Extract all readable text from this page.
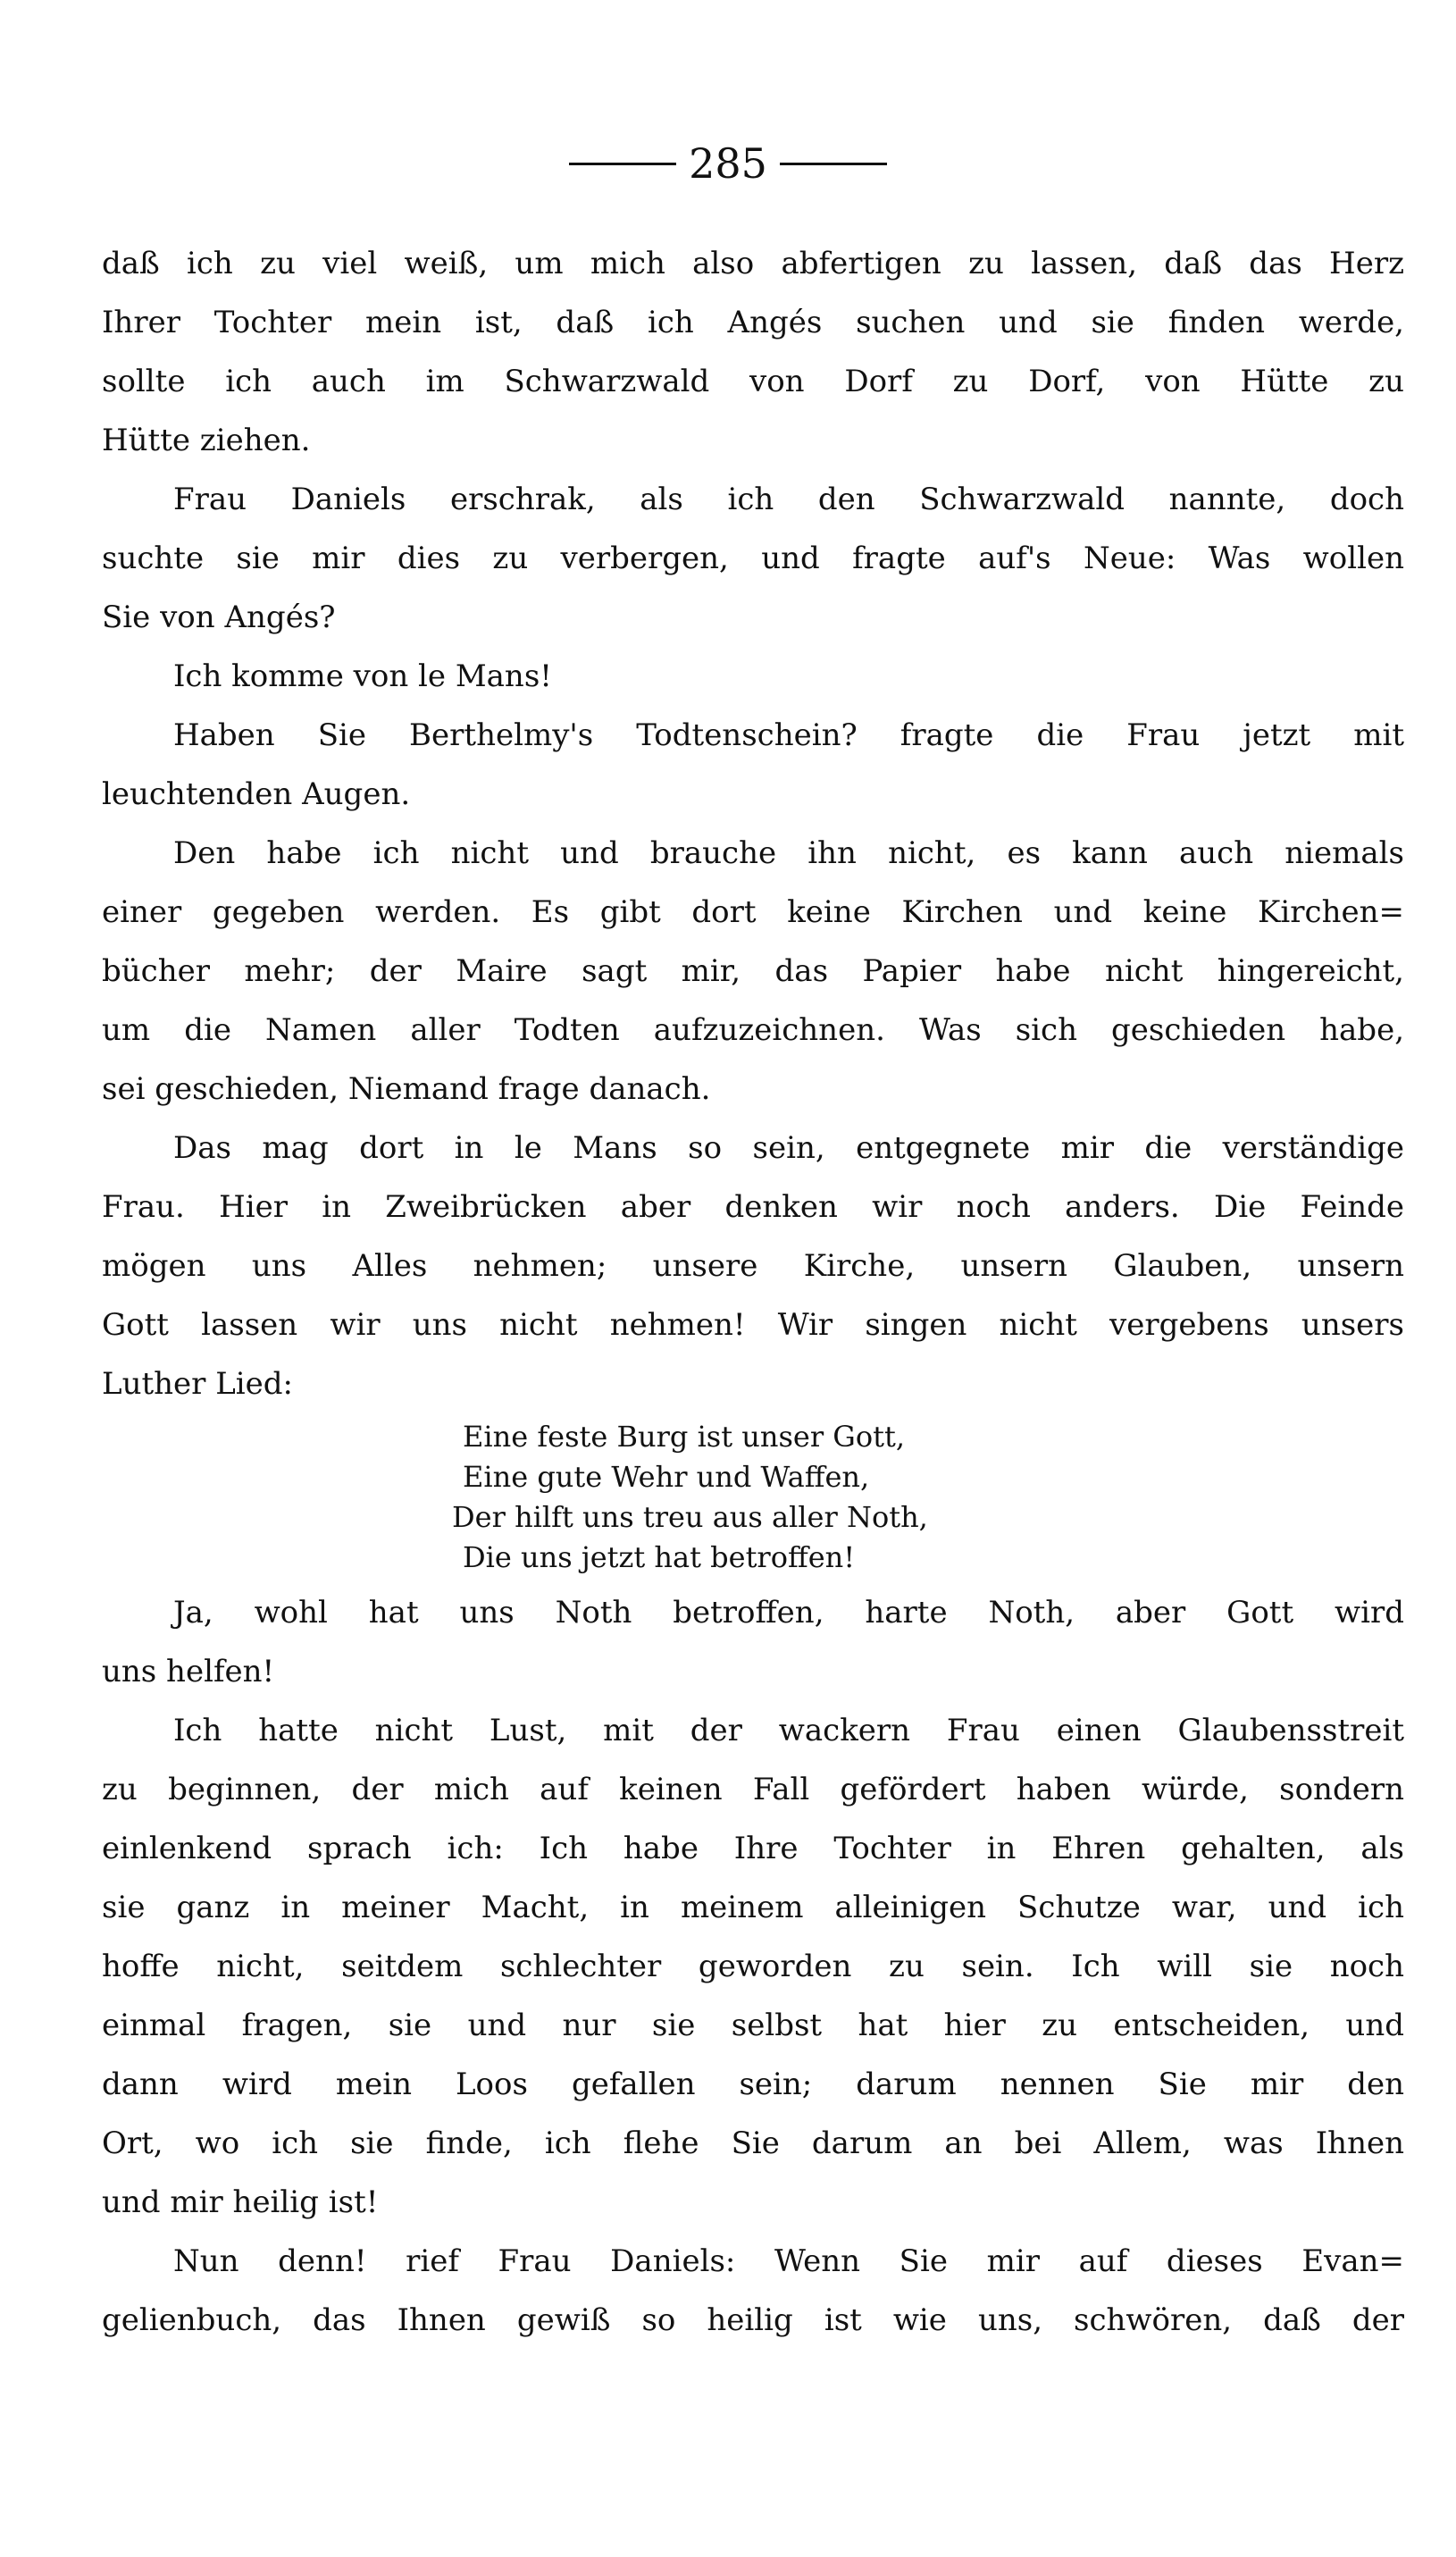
285
daß ich zu viel weiß, um mich also abfertigen zu lassen, daß das Herz
Ihrer Tochter mein ist, daß ich Angés suchen und sie finden werde,
sollte ich auch im Schwarzwald von Dorf zu Dorf, von Hütte zu
Hütte ziehen.
Frau Daniels erschrak, als ich den Schwarzwald nannte, doch
suchte sie mir dies zu verbergen, und fragte auf's Neue: Was wollen
Sie von Angés?
Ich komme von le Mans!
Haben Sie Berthelmy's Todtenschein? fragte die Frau jetzt mit
leuchtenden Augen.
Den habe ich nicht und brauche ihn nicht, es kann auch niemals
einer gegeben werden. Es gibt dort keine Kirchen und keine Kirchen=
bücher mehr; der Maire sagt mir, das Papier habe nicht hingereicht,
um die Namen aller Todten aufzuzeichnen. Was sich geschieden habe,
sei geschieden, Niemand frage danach.
Das mag dort in le Mans so sein, entgegnete mir die verständige
Frau. Hier in Zweibrücken aber denken wir noch anders. Die Feinde
mögen uns Alles nehmen; unsere Kirche, unsern Glauben, unsern
Gott lassen wir uns nicht nehmen! Wir singen nicht vergebens unsers
Luther Lied:
Eine feste Burg ist unser Gott,
Eine gute Wehr und Waffen,
Der hilft uns treu aus aller Noth,
Die uns jetzt hat betroffen!
Ja, wohl hat uns Noth betroffen, harte Noth, aber Gott wird
uns helfen!
Ich hatte nicht Lust, mit der wackern Frau einen Glaubensstreit
zu beginnen, der mich auf keinen Fall gefördert haben würde, sondern
einlenkend sprach ich: Ich habe Ihre Tochter in Ehren gehalten, als
sie ganz in meiner Macht, in meinem alleinigen Schutze war, und ich
hoffe nicht, seitdem schlechter geworden zu sein. Ich will sie noch
einmal fragen, sie und nur sie selbst hat hier zu entscheiden, und
dann wird mein Loos gefallen sein; darum nennen Sie mir den
Ort, wo ich sie finde, ich flehe Sie darum an bei Allem, was Ihnen
und mir heilig ist!
Nun denn! rief Frau Daniels: Wenn Sie mir auf dieses Evan=
gelienbuch, das Ihnen gewiß so heilig ist wie uns, schwören, daß der
